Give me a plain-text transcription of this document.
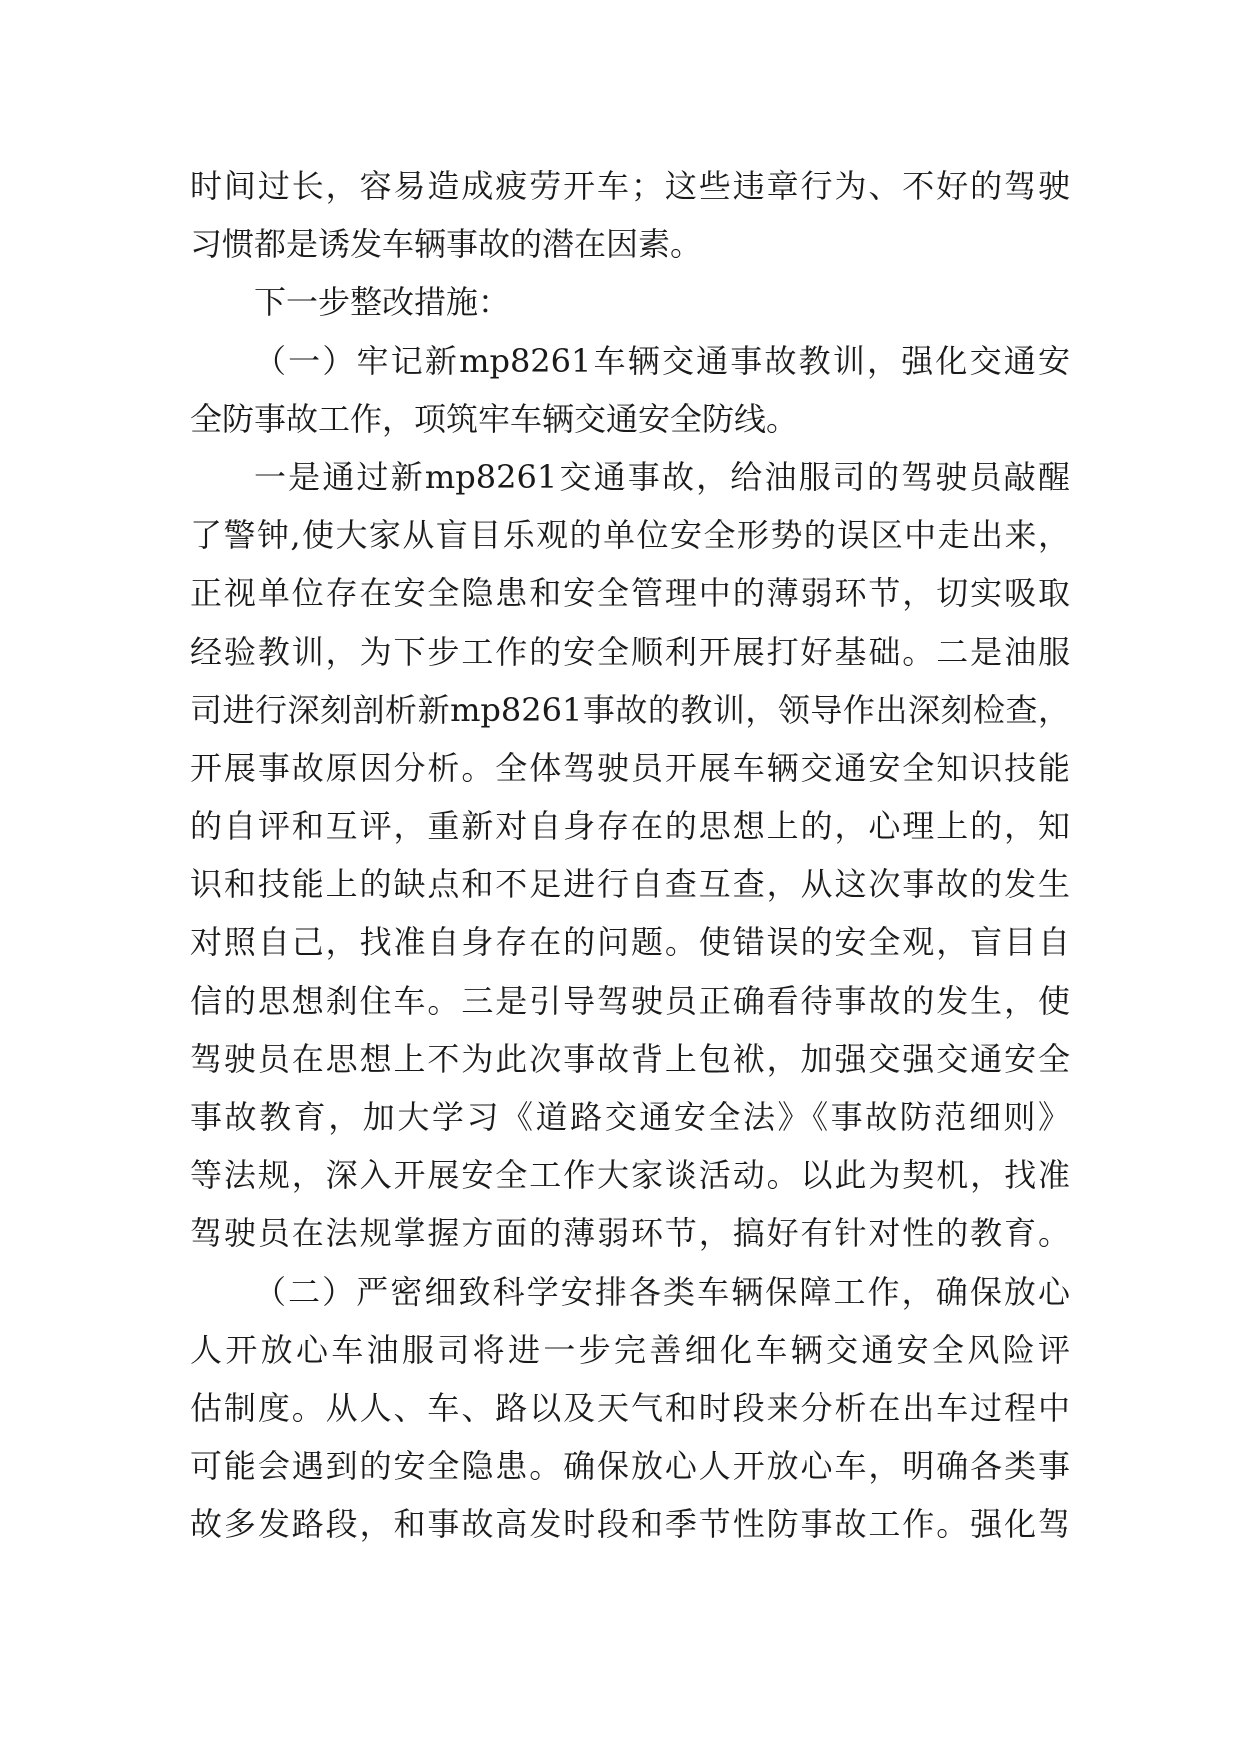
时间过长，容易造成疲劳开车；这些违章行为、不好的驾驶
习惯都是诱发车辆事故的潜在因素。
下一步整改措施：
（一）牢记新mp8261车辆交通事故教训，强化交通安
全防事故工作，项筑牢车辆交通安全防线。
一是通过新mp8261交通事故，给油服司的驾驶员敲醒
了警钟,使大家从盲目乐观的单位安全形势的误区中走出来，
正视单位存在安全隐患和安全管理中的薄弱环节，切实吸取
经验教训，为下步工作的安全顺利开展打好基础。二是油服
司进行深刻剖析新mp8261事故的教训，领导作出深刻检查，
开展事故原因分析。全体驾驶员开展车辆交通安全知识技能
的自评和互评，重新对自身存在的思想上的，心理上的，知
识和技能上的缺点和不足进行自查互查，从这次事故的发生
对照自己，找准自身存在的问题。使错误的安全观，盲目自
信的思想刹住车。三是引导驾驶员正确看待事故的发生，使
驾驶员在思想上不为此次事故背上包袱，加强交强交通安全
事故教育，加大学习《道路交通安全法》《事故防范细则》
等法规，深入开展安全工作大家谈活动。以此为契机，找准
驾驶员在法规掌握方面的薄弱环节，搞好有针对性的教育。
（二）严密细致科学安排各类车辆保障工作，确保放心
人开放心车油服司将进一步完善细化车辆交通安全风险评
估制度。从人、车、路以及天气和时段来分析在出车过程中
可能会遇到的安全隐患。确保放心人开放心车，明确各类事
故多发路段，和事故高发时段和季节性防事故工作。强化驾
